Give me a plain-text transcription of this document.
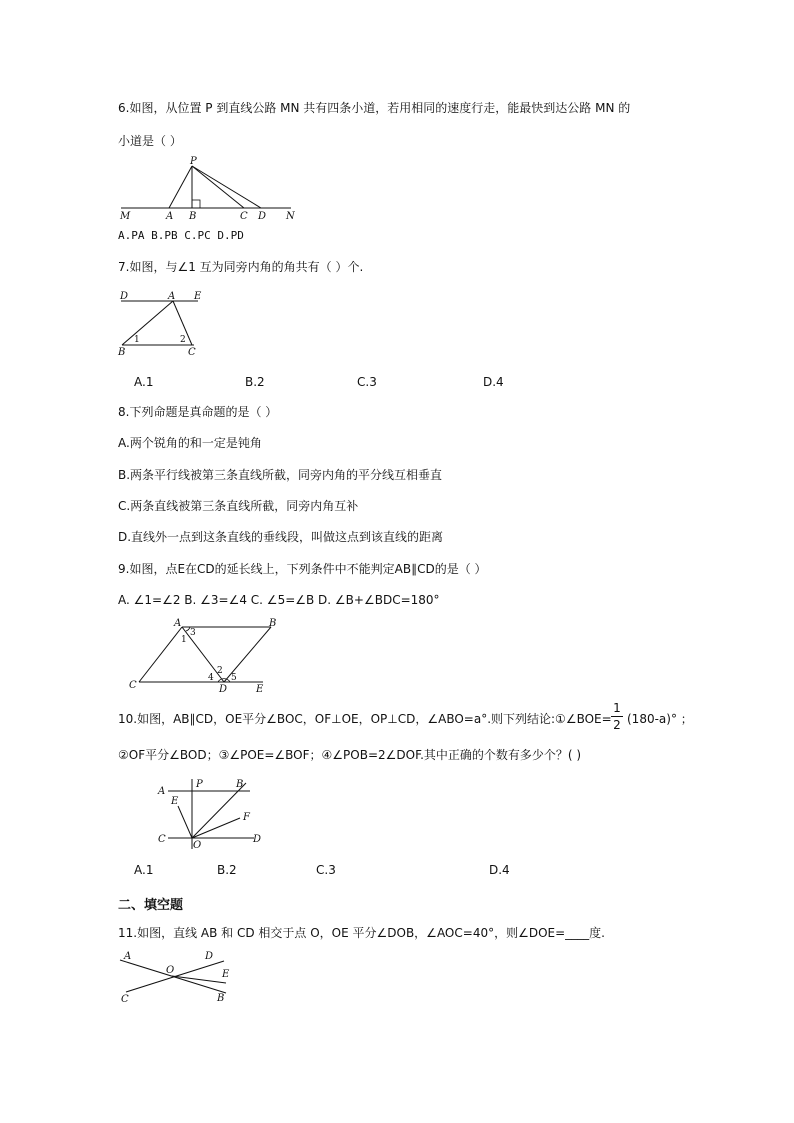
6.如图，从位置 P 到直线公路 MN 共有四条小道，若用相同的速度行走，能最快到达公路 MN 的
小道是（ ）
P
M	A B	C D N
A.PA B.PB C.PC D.PD
7.如图，与∠1 互为同旁内角的角共有（ ）个.
D	A E
B	C
1	2
A.1	B.2	C.3	D.4
8.下列命题是真命题的是（ ）
A.两个锐角的和一定是钝角
B.两条平行线被第三条直线所截，同旁内角的平分线互相垂直
C.两条直线被第三条直线所截，同旁内角互补
D.直线外一点到这条直线的垂线段，叫做这点到该直线的距离
9.如图，点E在CD的延长线上，下列条件中不能判定AB∥CD的是（ ）
A. ∠1=∠2 B. ∠3=∠4 C. ∠5=∠B D. ∠B+∠BDC=180°
A	B
C	D	E
1
3
2
4 5
10.如图，AB∥CD，OE平分∠BOC，OF⊥OE，OP⊥CD，∠ABO=a°.则下列结论:①∠BOE=
1
2 (180-a)° ；
②OF平分∠BOD；③∠POE=∠BOF；④∠POB=2∠DOF.其中正确的个数有多少个？( )
A
P	B
E
F
C
O
D
A.1	B.2	C.3	D.4
二、填空题
11.如图，直线 AB 和 CD 相交于点 O，OE 平分∠DOB，∠AOC=40°，则∠DOE=____度.
A
O
D
E
C	B
